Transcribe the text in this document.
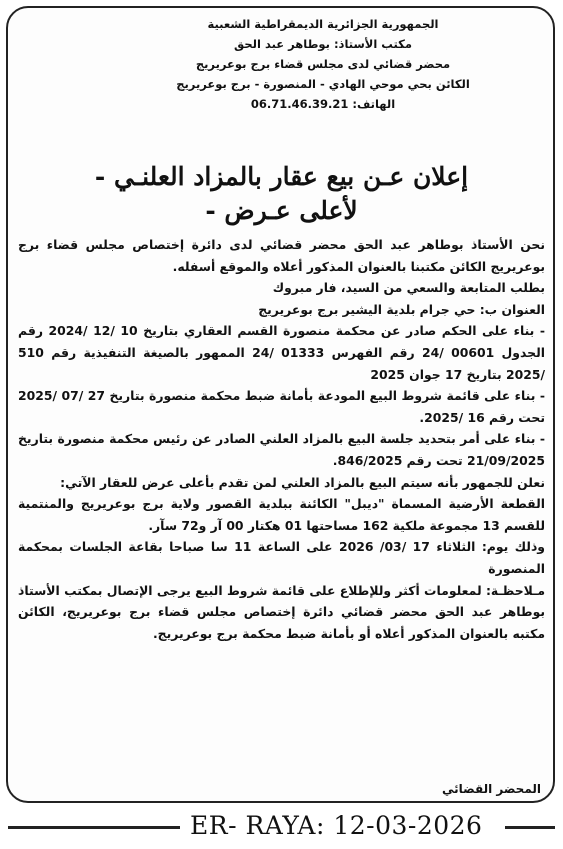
الجمهورية الجزائرية الديمقراطية الشعبية
مكتب الأستاذ: بوطاهر عبد الحق
محضر قضائي لدى مجلس قضاء برج بوعريريج
الكائن بحي موحي الهادي - المنصورة - برج بوعريريج
الهاتف: 06.71.46.39.21
إعلان عـن بيع عقار بالمزاد العلنـي -
لأعلى عـرض -

نحن الأستاذ بوطاهر عبد الحق محضر قضائي لدى دائرة إختصاص مجلس قضاء برج بوعريريج الكائن مكتبنا بالعنوان المذكور أعلاه والموقع أسفله.

بطلب المتابعة والسعي من السيد، فار مبروك

العنوان ب: حي جرام بلدية اليشير برج بوعريريج

- بناء على الحكم صادر عن محكمة منصورة القسم العقاري بتاريخ 10 /12 /2024 رقم الجدول 00601 /24 رقم الفهرس 01333 /24 الممهور بالصيغة التنفيذية رقم 510 /2025 بتاريخ 17 جوان 2025

- بناء على قائمة شروط البيع المودعة بأمانة ضبط محكمة منصورة بتاريخ 27 /07 /2025 تحت رقم 16 /2025.

- بناء على أمر بتحديد جلسة البيع بالمزاد العلني الصادر عن رئيس محكمة منصورة بتاريخ 21/09/2025 تحت رقم 846/2025.

نعلن للجمهور بأنه سيتم البيع بالمزاد العلني لمن تقدم بأعلى عرض للعقار الآتي:

القطعة الأرضية المسماة "ديبل" الكائنة ببلدية القصور ولاية برج بوعريريج والمنتمية للقسم 13 مجموعة ملكية 162 مساحتها 01 هكتار 00 آر و72 سآر.

وذلك يوم: الثلاثاء 17 /03/ 2026 على الساعة 11 سا صباحا بقاعة الجلسات بمحكمة المنصورة

مـلاحظـة: لمعلومات أكثر وللإطلاع على قائمة شروط البيع يرجى الإتصال بمكتب الأستاذ بوطاهر عبد الحق محضر قضائي دائرة إختصاص مجلس قضاء برج بوعريريج، الكائن مكتبه بالعنوان المذكور أعلاه أو بأمانة ضبط محكمة برج بوعريريج.

المحضر القضائي
ER- RAYA: 12-03-2026
